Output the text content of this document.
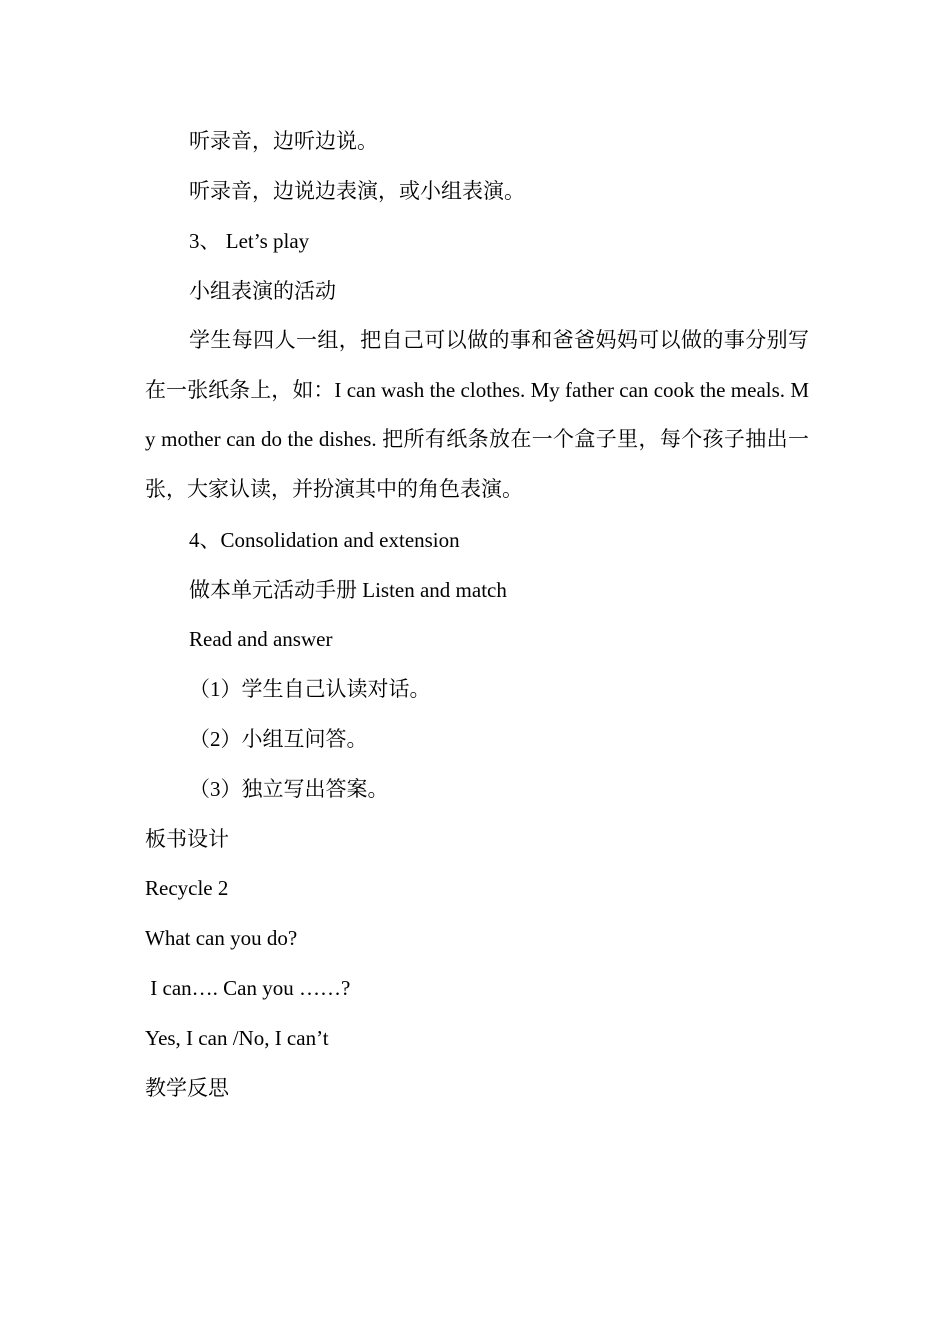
听录音，边听边说。
听录音，边说边表演，或小组表演。
3、 Let’s play
小组表演的活动
学生每四人一组，把自己可以做的事和爸爸妈妈可以做的事分别写在一张纸条上，如：I can wash the clothes. My father can cook the meals. My mother can do the dishes. 把所有纸条放在一个盒子里，每个孩子抽出一张，大家认读，并扮演其中的角色表演。
4、Consolidation and extension
做本单元活动手册 Listen and match
Read and answer
（1）学生自己认读对话。
（2）小组互问答。
（3）独立写出答案。
板书设计
Recycle 2
What can you do?
I can…. Can you ……?
Yes, I can /No, I can’t
教学反思
